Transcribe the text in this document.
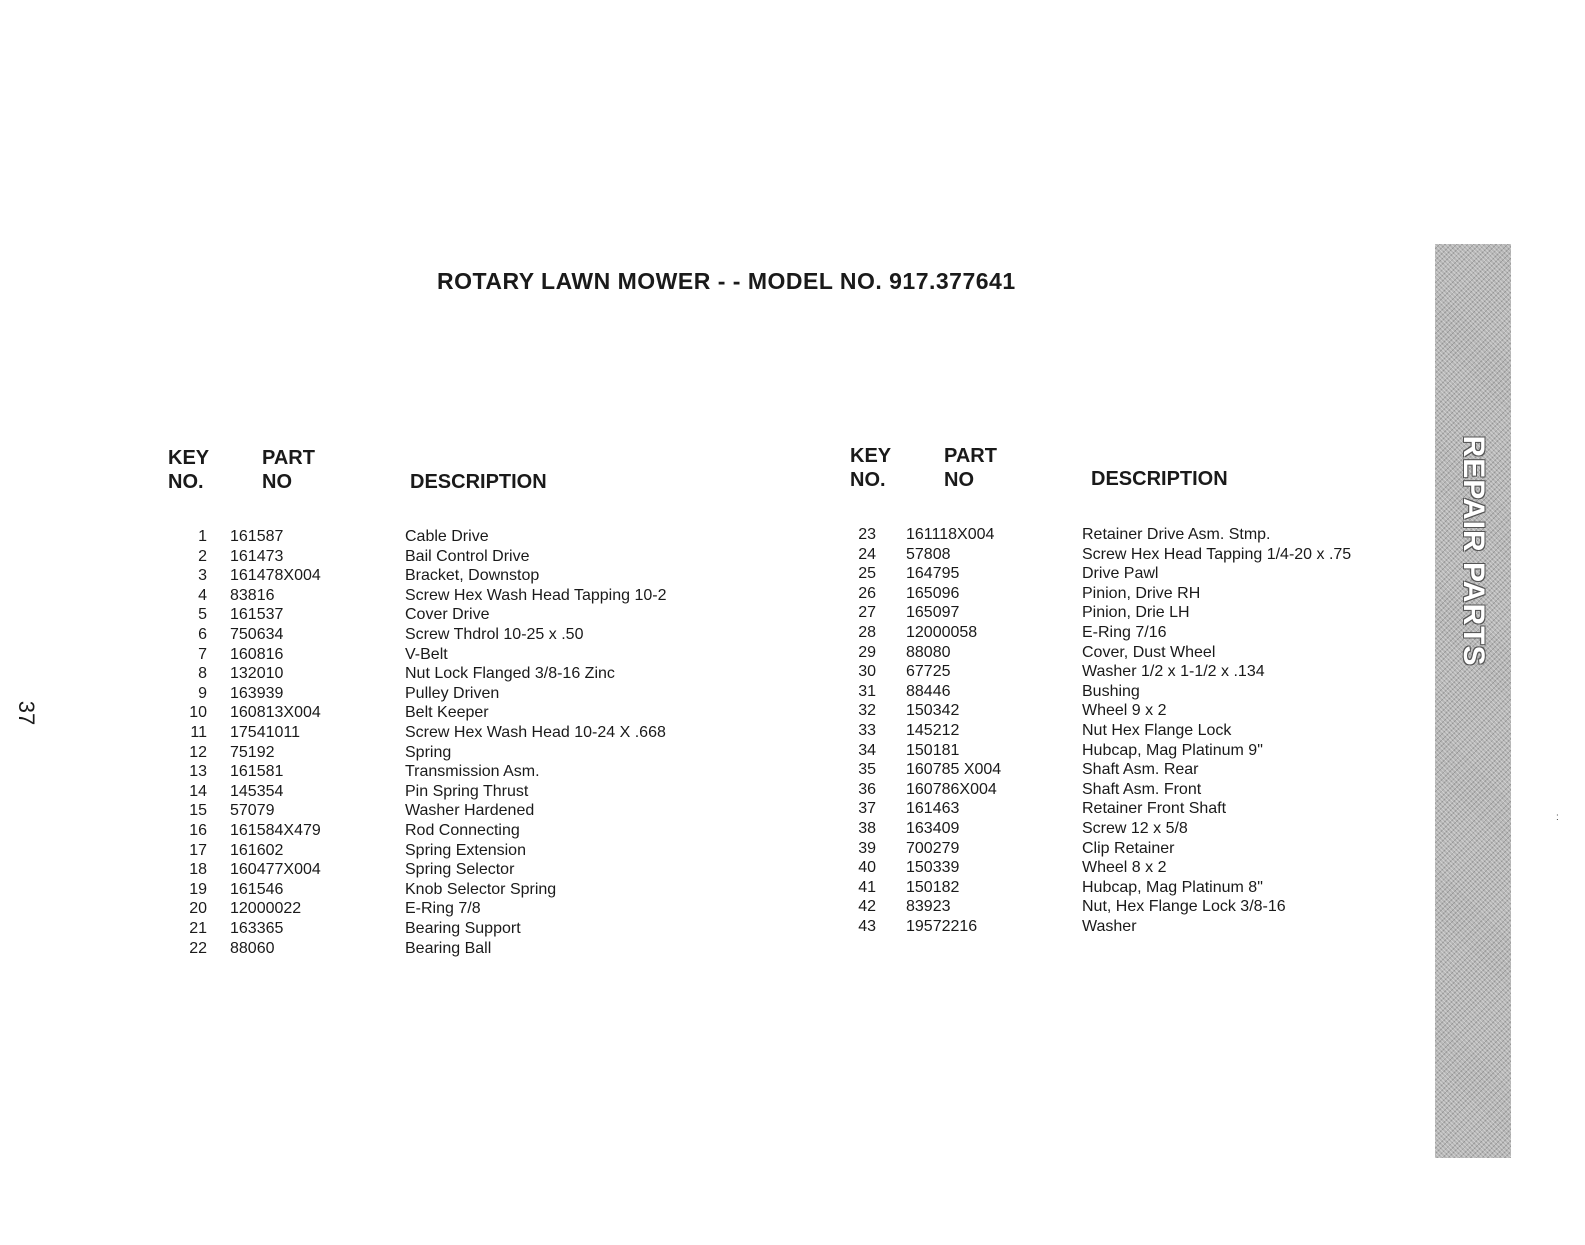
ROTARY LAWN MOWER - - MODEL NO. 917.377641
37
KEY
NO.
PART
NO	DESCRIPTION
KEY
NO.
PART
NO	DESCRIPTION
1 161587	Cable Drive
2 161473	Bail Control Drive
3 161478X004	Bracket, Downstop
4 83816	Screw Hex Wash Head Tapping 10-2
5 161537	Cover Drive
6 750634	Screw Thdrol 10-25 x .50
7 160816	V-Belt
8 132010	Nut Lock Flanged 3/8-16 Zinc
9 163939	Pulley Driven
10 160813X004	Belt Keeper
11 17541011	Screw Hex Wash Head 10-24 X .668
12 75192	Spring
13 161581	Transmission Asm.
14 145354	Pin Spring Thrust
15 57079	Washer Hardened
16 161584X479	Rod Connecting
17 161602	Spring Extension
18 160477X004	Spring Selector
19 161546	Knob Selector Spring
20 12000022	E-Ring 7/8
21 163365	Bearing Support
22 88060	Bearing Ball
23 161118X004	Retainer Drive Asm. Stmp.
24 57808	Screw Hex Head Tapping 1/4-20 x .75
25 164795	Drive Pawl
26 165096	Pinion, Drive RH
27 165097	Pinion, Drie LH
28 12000058	E-Ring 7/16
29 88080	Cover, Dust Wheel
30 67725	Washer 1/2 x 1-1/2 x .134
31 88446	Bushing
32 150342	Wheel 9 x 2
33 145212	Nut Hex Flange Lock
34 150181	Hubcap, Mag Platinum 9"
35 160785 X004	Shaft Asm. Rear
36 160786X004	Shaft Asm. Front
37 161463	Retainer Front Shaft
38 163409	Screw 12 x 5/8
39 700279	Clip Retainer
40 150339	Wheel 8 x 2
41 150182	Hubcap, Mag Platinum 8"
42 83923	Nut, Hex Flange Lock 3/8-16
43 19572216	Washer
REPAIR PARTS
:
